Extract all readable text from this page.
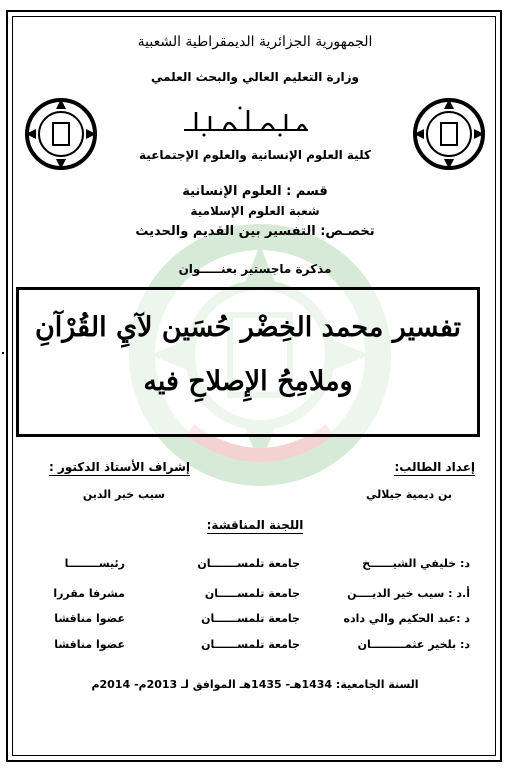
الجمهورية الجزائرية الديمقراطية الشعبية
وزارة التعليم العالي والبحث العلمي
كلية العلوم الإنسانية والعلوم الإجتماعية
قسم : العلوم الإنسانية
شعبة العلوم الإسلامية
تخصـص: التفسير بين القديم والحديث
مذكرة ماجستير بعنـــــوان
تفسير محمد الخِضْر حُسَين لآيِ القُرْآنِ
وملامِحُ الإِصلاحِ فيه
إعداد الطالب:
إشراف الأستاذ الدكتور :
بن ديمية جيلالي
سيب خير الدين
اللجنة المناقشة:
د: خليفي الشيــــــخ
جامعة تلمســـــــان
رئيســــــــا
أ.د : سيب خير الديــــن
جامعة تلمســـــان
مشرفا مقررا
د :عبد الحكيم والي داده
جامعة تلمســــــان
عضوا مناقشا
د: بلخير عثمـــــــــان
جامعة تلمســــــان
عضوا مناقشا
السنة الجامعية: 1434هـ- 1435هـ الموافق لـ 2013م- 2014م
